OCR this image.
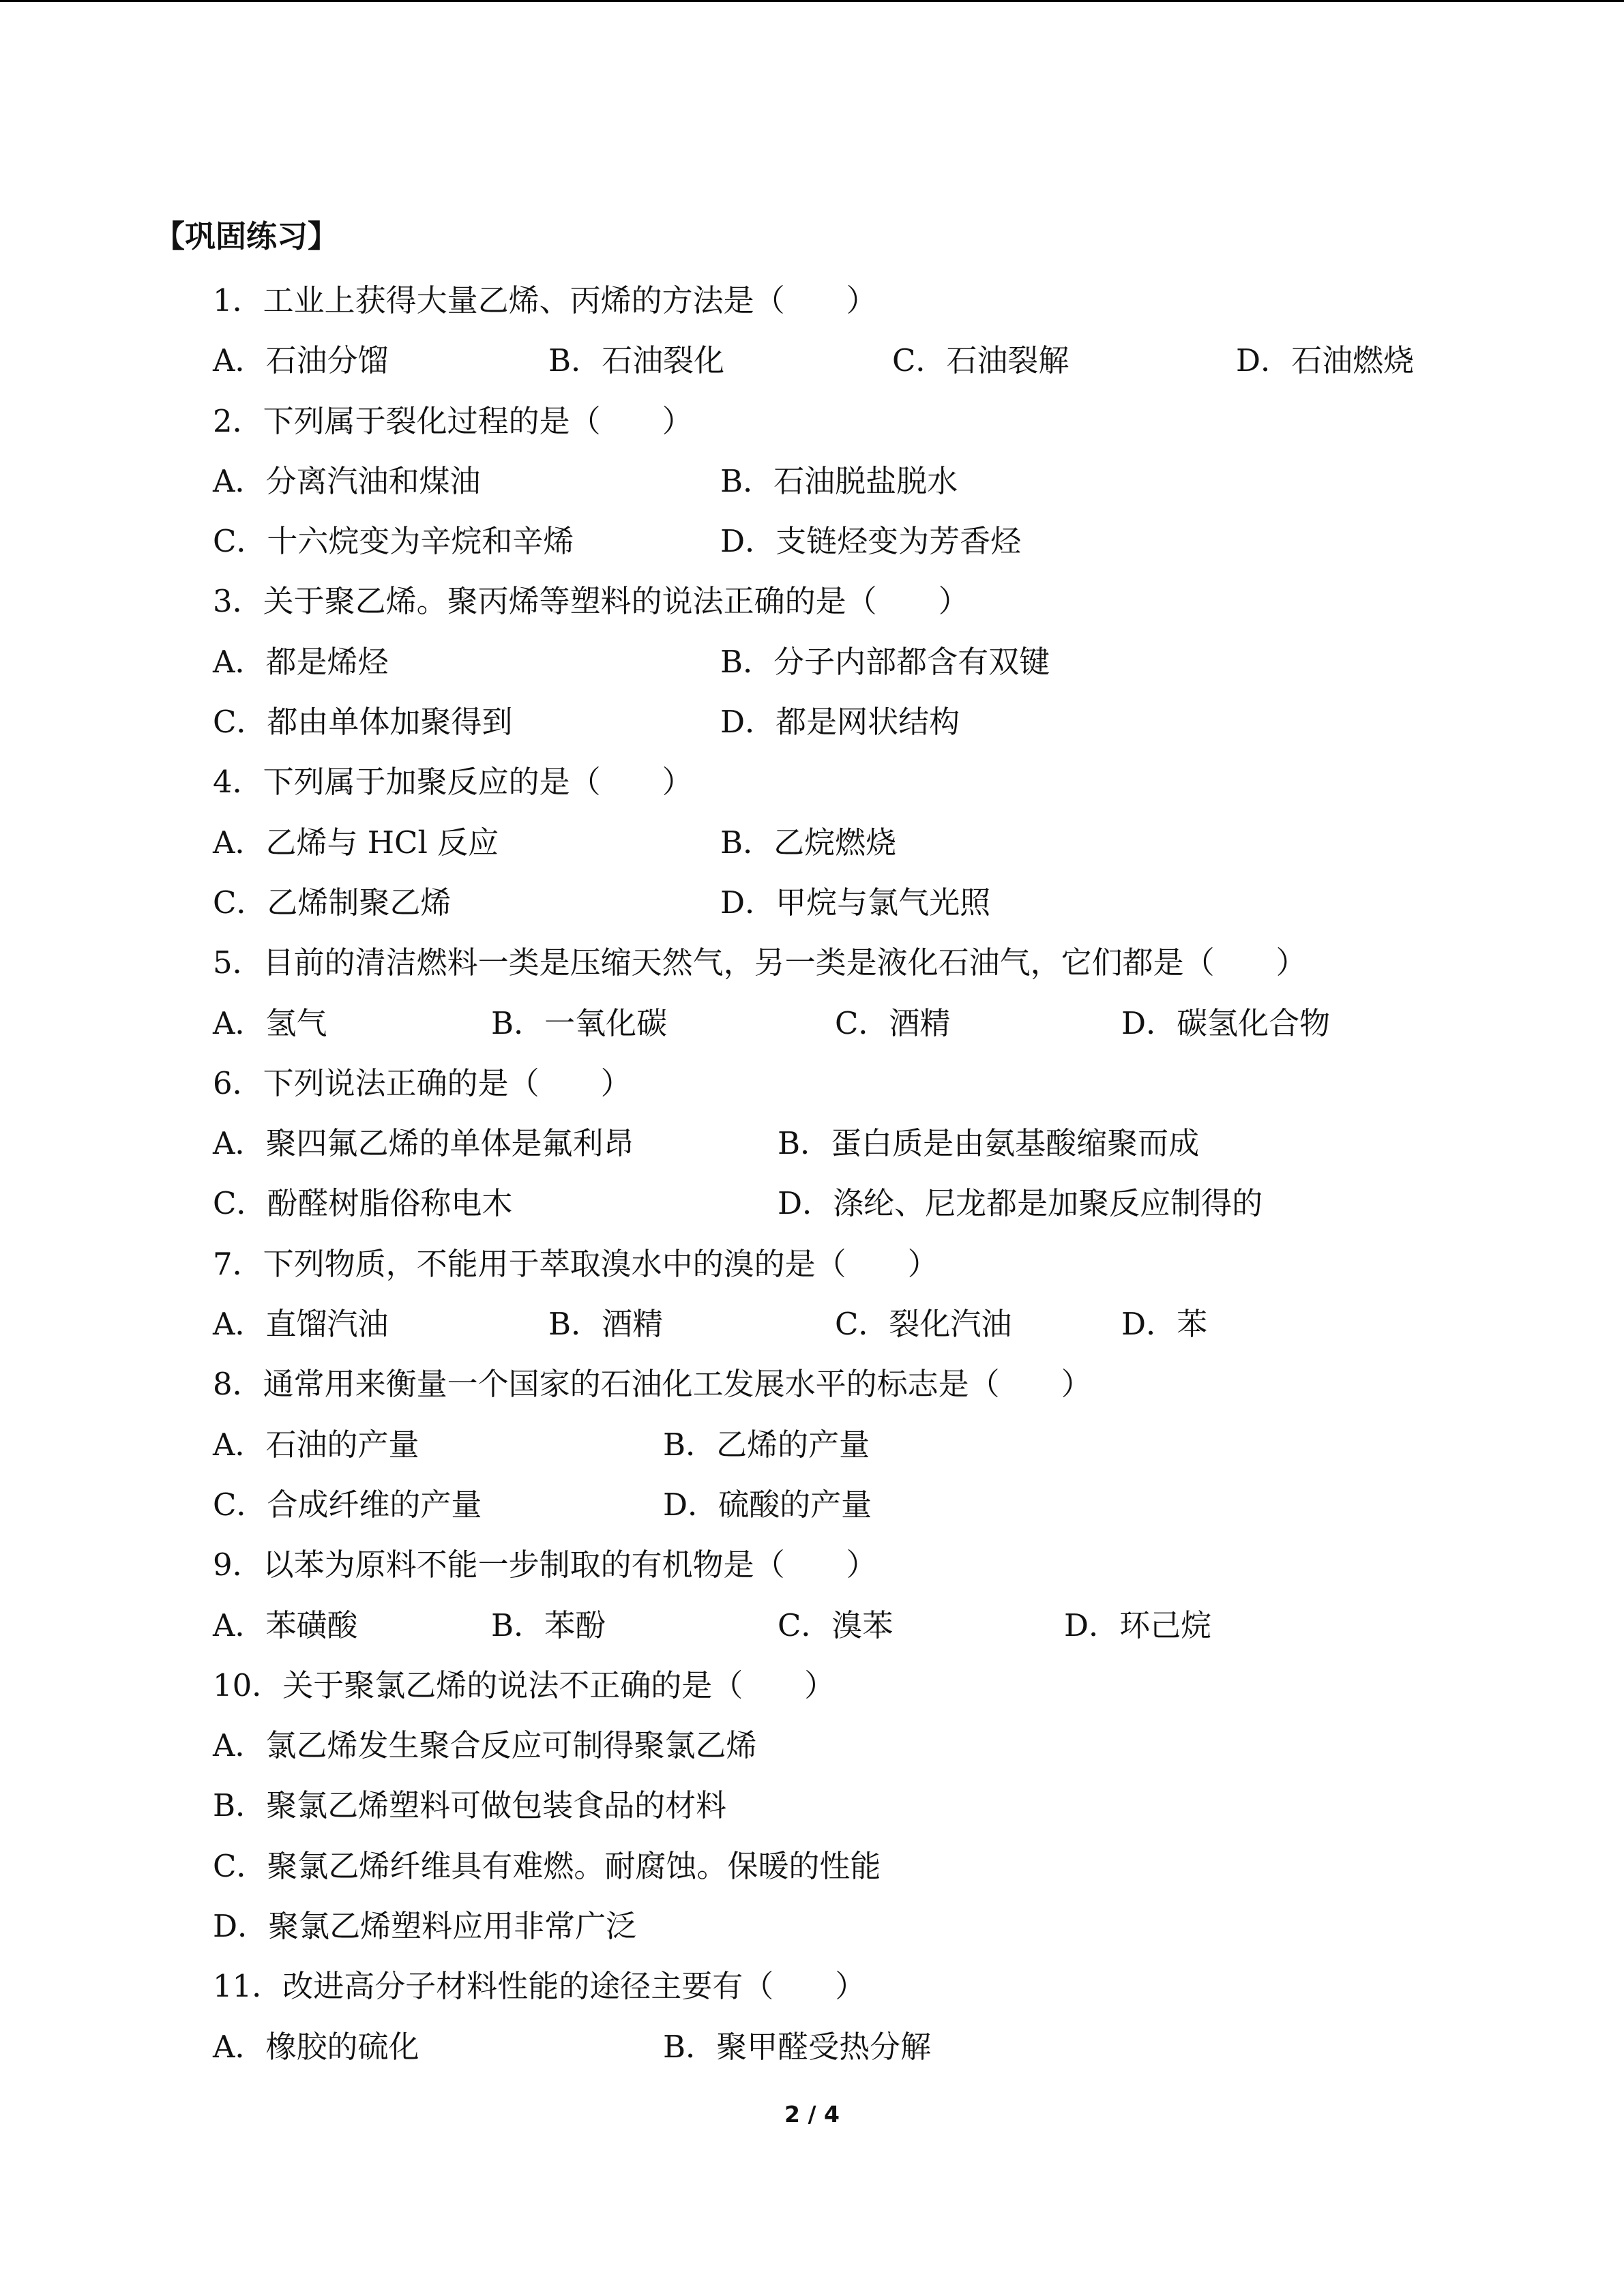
【巩固练习】
1．工业上获得大量乙烯、丙烯的方法是（　　）
A．石油分馏	B．石油裂化	C．石油裂解	D．石油燃烧
2．下列属于裂化过程的是（　　）
A．分离汽油和煤油	B．石油脱盐脱水
C．十六烷变为辛烷和辛烯	D．支链烃变为芳香烃
3．关于聚乙烯。聚丙烯等塑料的说法正确的是（　　）
A．都是烯烃	B．分子内部都含有双键
C．都由单体加聚得到	D．都是网状结构
4．下列属于加聚反应的是（　　）
A．乙烯与 HCl 反应	B．乙烷燃烧
C．乙烯制聚乙烯	D．甲烷与氯气光照
5．目前的清洁燃料一类是压缩天然气，另一类是液化石油气，它们都是（　　）
A．氢气	B．一氧化碳	C．酒精	D．碳氢化合物
6．下列说法正确的是（　　）
A．聚四氟乙烯的单体是氟利昂	B．蛋白质是由氨基酸缩聚而成
C．酚醛树脂俗称电木	D．涤纶、尼龙都是加聚反应制得的
7．下列物质，不能用于萃取溴水中的溴的是（　　）
A．直馏汽油	B．酒精	C．裂化汽油	D．苯
8．通常用来衡量一个国家的石油化工发展水平的标志是（　　）
A．石油的产量	B．乙烯的产量
C．合成纤维的产量	D．硫酸的产量
9．以苯为原料不能一步制取的有机物是（　　）
A．苯磺酸	B．苯酚	C．溴苯	D．环己烷
10．关于聚氯乙烯的说法不正确的是（　　）
A．氯乙烯发生聚合反应可制得聚氯乙烯
B．聚氯乙烯塑料可做包装食品的材料
C．聚氯乙烯纤维具有难燃。耐腐蚀。保暖的性能
D．聚氯乙烯塑料应用非常广泛
11．改进高分子材料性能的途径主要有（　　）
A．橡胶的硫化	B．聚甲醛受热分解
2 / 4
